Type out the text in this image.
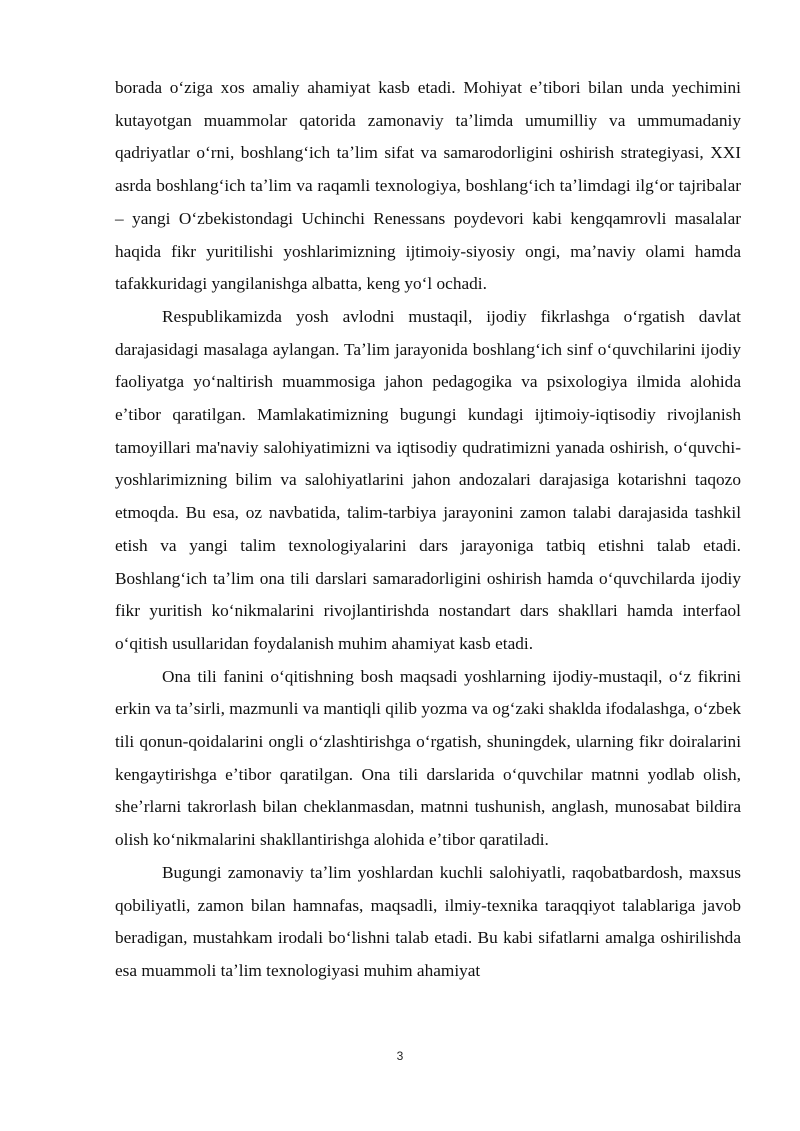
borada oʻziga xos amaliy ahamiyat kasb etadi. Mohiyat eʼtibori bilan unda yechimini kutayotgan muammolar qatorida zamonaviy taʼlimda umumilliy va ummumadaniy qadriyatlar oʻrni, boshlangʻich taʼlim sifat va samarodorligini oshirish strategiyasi, XXI asrda boshlangʻich taʼlim va raqamli texnologiya, boshlangʻich taʼlimdagi ilgʻor tajribalar – yangi Oʻzbekistondagi Uchinchi Renessans poydevori kabi kengqamrovli masalalar haqida fikr yuritilishi yoshlarimizning ijtimoiy-siyosiy ongi, maʼnaviy olami hamda tafakkuridagi yangilanishga albatta, keng yoʻl ochadi.

Respublikamizda yosh avlodni mustaqil, ijodiy fikrlashga oʻrgatish davlat darajasidagi masalaga aylangan. Taʼlim jarayonida boshlangʻich sinf oʻquvchilarini ijodiy faoliyatga yoʻnaltirish muammosiga jahon pedagogika va psixologiya ilmida alohida eʼtibor qaratilgan. Mamlakatimizning bugungi kundagi ijtimoiy-iqtisodiy rivojlanish tamoyillari ma'naviy salohiyatimizni va iqtisodiy qudratimizni yanada oshirish, oʻquvchi-yoshlarimizning bilim va salohiyatlarini jahon andozalari darajasiga kotarishni taqozo etmoqda. Bu esa, oz navbatida, talim-tarbiya jarayonini zamon talabi darajasida tashkil etish va yangi talim texnologiyalarini dars jarayoniga tatbiq etishni talab etadi. Boshlangʻich taʼlim ona tili darslari samaradorligini oshirish hamda oʻquvchilarda ijodiy fikr yuritish koʻnikmalarini rivojlantirishda nostandart dars shakllari hamda interfaol oʻqitish usullaridan foydalanish muhim ahamiyat kasb etadi.

Ona tili fanini oʻqitishning bosh maqsadi yoshlarning ijodiy-mustaqil, oʻz fikrini erkin va taʼsirli, mazmunli va mantiqli qilib yozma va ogʻzaki shaklda ifodalashga, oʻzbek tili qonun-qoidalarini ongli oʻzlashtirishga oʻrgatish, shuningdek, ularning fikr doiralarini kengaytirishga eʼtibor qaratilgan. Ona tili darslarida oʻquvchilar matnni yodlab olish, sheʼrlarni takrorlash bilan cheklanmasdan, matnni tushunish, anglash, munosabat bildira olish koʻnikmalarini shakllantirishga alohida eʼtibor qaratiladi.

Bugungi zamonaviy taʼlim yoshlardan kuchli salohiyatli, raqobatbardosh, maxsus qobiliyatli, zamon bilan hamnafas, maqsadli, ilmiy-texnika taraqqiyot talablariga javob beradigan, mustahkam irodali boʻlishni talab etadi. Bu kabi sifatlarni amalga oshirilishda esa muammoli taʼlim texnologiyasi muhim ahamiyat

3
